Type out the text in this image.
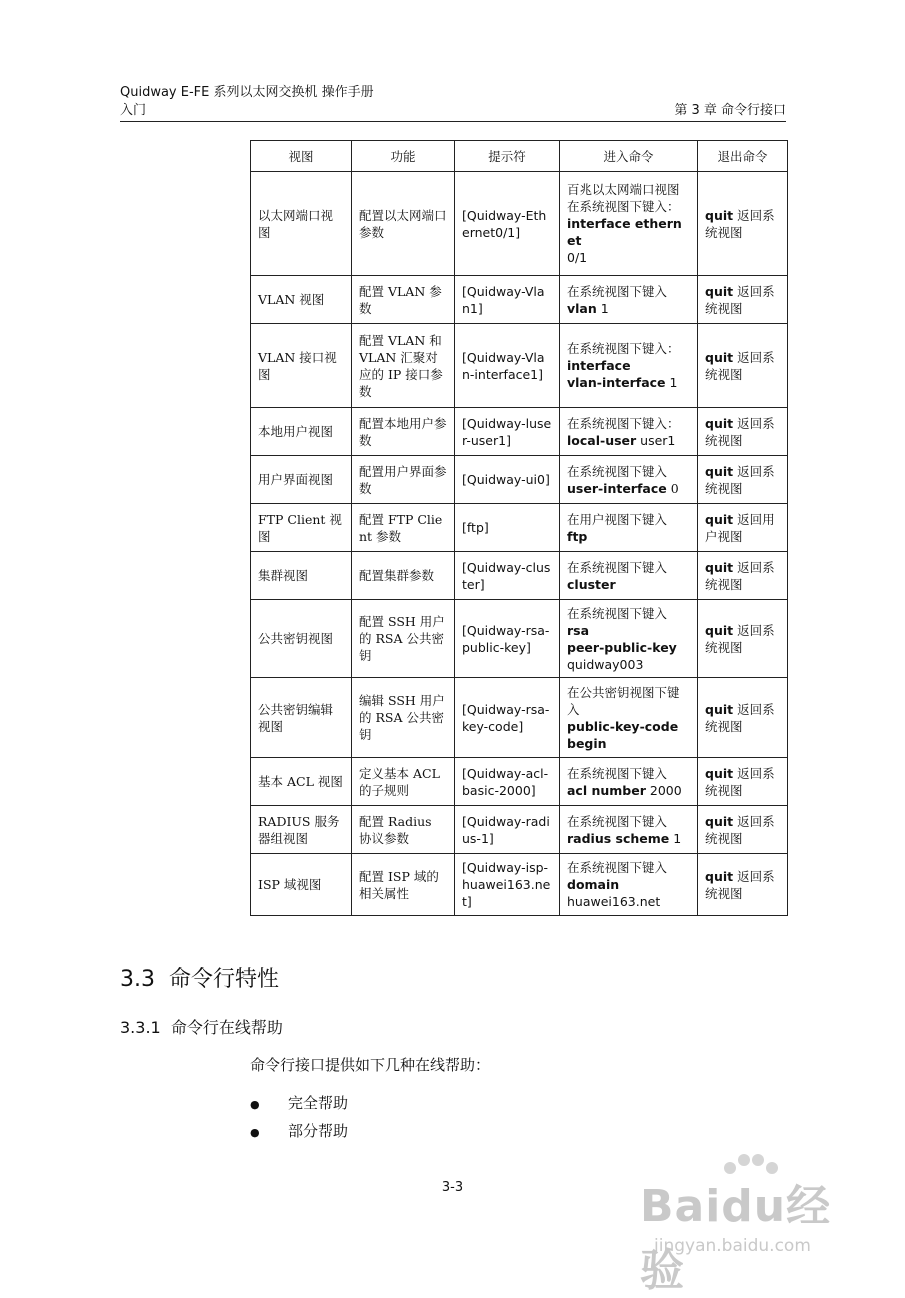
Quidway E-FE 系列以太网交换机 操作手册
入门	第 3 章 命令行接口
视图	功能	提示符	进入命令	退出命令
以太网端口视图	配置以太网端口参数	[Quidway-Ethernet0/1]	百兆以太网端口视图
在系统视图下键入：
interface ethernet
0/1	quit 返回系统视图
VLAN 视图	配置 VLAN 参数	[Quidway-Vlan1]	在系统视图下键入
vlan 1	quit 返回系统视图
VLAN 接口视图	配置 VLAN 和 VLAN 汇聚对应的 IP 接口参数	[Quidway-Vlan-interface1]	在系统视图下键入：
interface
vlan-interface 1	quit 返回系统视图
本地用户视图	配置本地用户参数	[Quidway-luser-user1]	在系统视图下键入：
local-user user1	quit 返回系统视图
用户界面视图	配置用户界面参数	[Quidway-ui0]	在系统视图下键入
user-interface 0	quit 返回系统视图
FTP Client 视图	配置 FTP Client 参数	[ftp]	在用户视图下键入
ftp	quit 返回用户视图
集群视图	配置集群参数	[Quidway-cluster]	在系统视图下键入
cluster	quit 返回系统视图
公共密钥视图	配置 SSH 用户的 RSA 公共密钥	[Quidway-rsa-public-key]	在系统视图下键入
rsa
peer-public-key
quidway003	quit 返回系统视图
公共密钥编辑视图	编辑 SSH 用户的 RSA 公共密钥	[Quidway-rsa-key-code]	在公共密钥视图下键入
public-key-code
begin	quit 返回系统视图
基本 ACL 视图	定义基本 ACL 的子规则	[Quidway-acl-basic-2000]	在系统视图下键入
acl number 2000	quit 返回系统视图
RADIUS 服务器组视图	配置 Radius 协议参数	[Quidway-radius-1]	在系统视图下键入
radius scheme 1	quit 返回系统视图
ISP 域视图	配置 ISP 域的相关属性	[Quidway-isp-huawei163.net]	在系统视图下键入
domain
huawei163.net	quit 返回系统视图
3.3 命令行特性
3.3.1 命令行在线帮助
命令行接口提供如下几种在线帮助：
● 完全帮助
● 部分帮助
3-3	Baidu经验
jingyan.baidu.com
